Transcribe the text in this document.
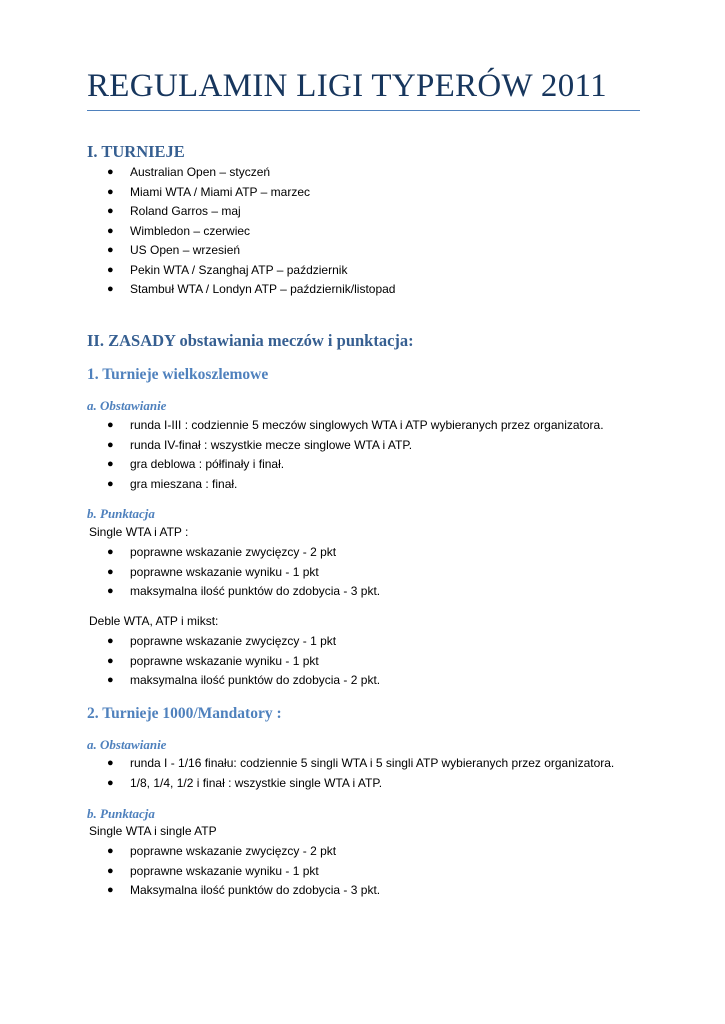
REGULAMIN LIGI TYPERÓW 2011
I. TURNIEJE
● Australian Open – styczeń
● Miami WTA / Miami ATP – marzec
● Roland Garros – maj
● Wimbledon – czerwiec
● US Open – wrzesień
● Pekin WTA / Szanghaj ATP – październik
● Stambuł WTA / Londyn ATP – październik/listopad
II. ZASADY obstawiania meczów i punktacja:
1. Turnieje wielkoszlemowe
a. Obstawianie
● runda I-III : codziennie 5 meczów singlowych WTA i ATP wybieranych przez organizatora.
● runda IV-finał : wszystkie mecze singlowe WTA i ATP.
● gra deblowa : półfinały i finał.
● gra mieszana : finał.
b. Punktacja

Single WTA i ATP :

● poprawne wskazanie zwycięzcy - 2 pkt
● poprawne wskazanie wyniku - 1 pkt
● maksymalna ilość punktów do zdobycia - 3 pkt.

Deble WTA, ATP i mikst:

● poprawne wskazanie zwycięzcy - 1 pkt
● poprawne wskazanie wyniku - 1 pkt
● maksymalna ilość punktów do zdobycia - 2 pkt.
2. Turnieje 1000/Mandatory :
a. Obstawianie
● runda I - 1/16 finału: codziennie 5 singli WTA i 5 singli ATP wybieranych przez organizatora.
● 1/8, 1/4, 1/2 i finał : wszystkie single WTA i ATP.
b. Punktacja

Single WTA i single ATP

● poprawne wskazanie zwycięzcy - 2 pkt
● poprawne wskazanie wyniku - 1 pkt
● Maksymalna ilość punktów do zdobycia - 3 pkt.
